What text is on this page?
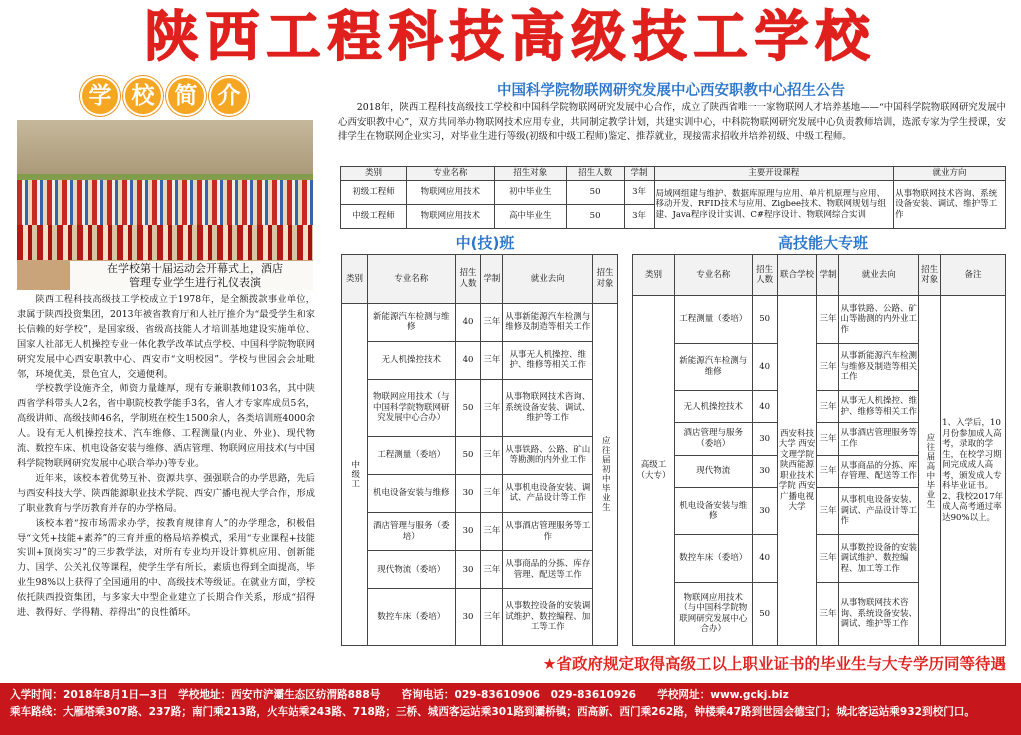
陕西工程科技高级技工学校
学 校 简 介
在学校第十届运动会开幕式上，酒店
管理专业学生进行礼仪表演

陕西工程科技高级技工学校成立于1978年，是全额拨款事业单位，隶属于陕西投资集团，2013年被省教育厅和人社厅推介为“最受学生和家长信赖的好学校”，是国家级、省级高技能人才培训基地建设实施单位、国家人社部无人机操控专业一体化教学改革试点学校、中国科学院物联网研究发展中心西安职教中心、西安市“文明校园”。学校与世园会会址毗邻，环境优美，景色宜人，交通便利。

学校教学设施齐全，师资力量雄厚，现有专兼职教师103名，其中陕西省学科带头人2名，省中职院校教学能手3名，省人才专家库成员5名，高级讲师、高级技师46名，学制班在校生1500余人，各类培训班4000余人。设有无人机操控技术、汽车维修、工程测量(内业、外业)、现代物流、数控车床、机电设备安装与维修、酒店管理、物联网应用技术(与中国科学院物联网研究发展中心联合举办)等专业。

近年来，该校本着优势互补、资源共享、强强联合的办学思路，先后与西安科技大学、陕西能源职业技术学院、西安广播电视大学合作，形成了职业教育与学历教育并存的办学格局。

该校本着“按市场需求办学，按教育规律育人”的办学理念，积极倡导“文凭+技能+素养”的三育并重的格局培养模式，采用“专业课程+技能实训+顶岗实习”的三步教学法，对所有专业均开设计算机应用、创新能力、国学、公关礼仪等课程，使学生学有所长，素质也得到全面提高，毕业生98%以上获得了全国通用的中、高级技术等级证。在就业方面，学校依托陕西投资集团，与多家大中型企业建立了长期合作关系，形成“招得进、教得好、学得精、荐得出”的良性循环。

中国科学院物联网研究发展中心西安职教中心招生公告

2018年，陕西工程科技高级技工学校和中国科学院物联网研究发展中心合作，成立了陕西省唯一一家物联网人才培养基地——“中国科学院物联网研究发展中心西安职教中心”，双方共同举办物联网技术应用专业，共同制定教学计划，共建实训中心，中科院物联网研究发展中心负责教师培训，选派专家为学生授课，安排学生在物联网企业实习，对毕业生进行等级(初级和中级工程师)鉴定、推荐就业，现接需求招收并培养初级、中级工程师。

类别	专业名称	招生对象	招生人数	学制	主要开设课程	就业方向
初级工程师	物联网应用技术	初中毕业生	50	3年	局域网组建与维护、数据库原理与应用、单片机原理与应用、移动开发、RFID技术与应用、Zigbee技术、物联网规划与组建、Java程序设计实训、C#程序设计、物联网综合实训	从事物联网技术咨询、系统设备安装、调试、维护等工作
中级工程师	物联网应用技术	高中毕业生	50	3年		
中(技)班	高技能大专班
类别	专业名称	招生人数	学制	就业去向	招生对象
中级工	新能源汽车检测与维修	40	三年	从事新能源汽车检测与维修及制造等相关工作	应往届初中毕业生
	无人机操控技术	40	三年	从事无人机操控、维护、维修等相关工作	
	物联网应用技术（与中国科学院物联网研究发展中心合办）	50	三年	从事物联网技术咨询、系统设备安装、调试、维护等工作	
	工程测量（委培）	50	三年	从事铁路、公路、矿山等勘测的内外业工作	
	机电设备安装与维修	30	三年	从事机电设备安装、调试、产品设计等工作	
	酒店管理与服务（委培）	30	三年	从事酒店管理服务等工作	
	现代物流（委培）	30	三年	从事商品的分拣、库存管理、配送等工作	
	数控车床（委培）	30	三年	从事数控设备的安装调试维护、数控编程、加工等工作	
类别	专业名称	招生人数	联合学校	学制	就业去向	招生对象	备注
高级工（大专）	工程测量（委培）	50	西安科技大学 西安文理学院 陕西能源职业技术学院 西安广播电视大学	三年	从事铁路、公路、矿山等勘测的内外业工作	应往届高中毕业生	1、入学后，10月份参加成人高考，录取的学生，在校学习期间完成成人高考，颁发成人专科毕业证书。2、我校2017年成人高考通过率达90%以上。
	新能源汽车检测与维修	40		三年	从事新能源汽车检测与维修及制造等相关工作		
	无人机操控技术	40		三年	从事无人机操控、维护、维修等相关工作		
	酒店管理与服务（委培）	30		三年	从事酒店管理服务等工作		
	现代物流	30		三年	从事商品的分拣、库存管理、配送等工作		
	机电设备安装与维修	30		三年	从事机电设备安装、调试、产品设计等工作		
	数控车床（委培）	40		三年	从事数控设备的安装调试维护、数控编程、加工等工作		
	物联网应用技术（与中国科学院物联网研究发展中心合办）	50		三年	从事物联网技术咨询、系统设备安装、调试、维护等工作		
★省政府规定取得高级工以上职业证书的毕业生与大专学历同等待遇
入学时间：2018年8月1日—3日　学校地址：西安市浐灞生态区纺渭路888号　　咨询电话：029-83610906　029-83610926　　学校网址：www.gckj.biz
乘车路线：大雁塔乘307路、237路；南门乘213路，火车站乘243路、718路；三桥、城西客运站乘301路到灞桥镇；西高新、西门乘262路，钟楼乘47路到世园会德宝门；城北客运站乘932到校门口。
